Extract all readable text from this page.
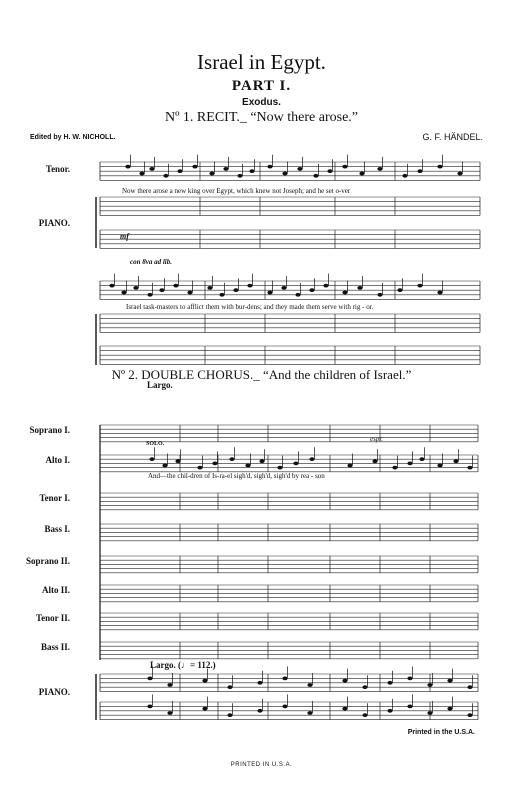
Israel in Egypt.
PART I.
Exodus.
Nº 1. RECIT._ “Now there arose.”
Edited by H. W. NICHOLL.	G. F. HÄNDEL.
Tenor.
PIANO.
Now there arose a new king over Egypt, which knew not Joseph; and he set o-ver
mf
con 8va ad lib.
Israel task-masters to afflict them with bur-dens; and they made them serve with rig - or.
Nº 2. DOUBLE CHORUS._ “And the children of Israel.”
Largo.
SOLO.
espr.
And—the chil-dren of Is-ra-el sigh'd, sigh'd, sigh'd by rea - son
Soprano I.
Alto I.
Tenor I.
Bass I.
Soprano II.
Alto II.
Tenor II.
Bass II.
Largo. (♩= 112.)
PIANO.
Printed in the U.S.A.
PRINTED IN U.S.A.
